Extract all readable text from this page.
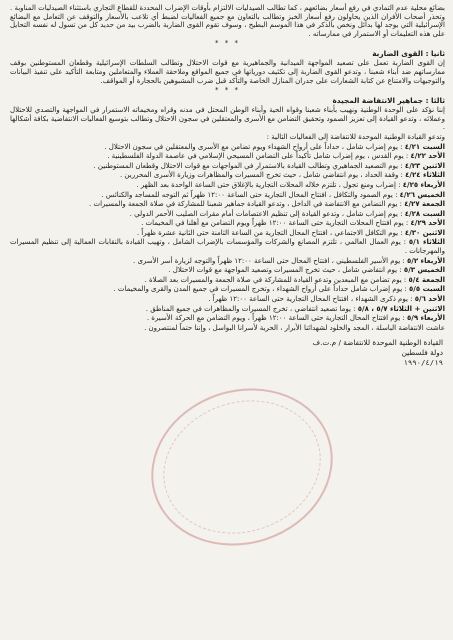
بضائع محلية عدم التمادي في رفع أسعار بضائعهم ، كما تطالب الصيدليات الالتزام بأوقات الإضراب المحددة للقطاع التجاري باستثناء الصيدليات المناوبة . وتحذر أصحاب الأفران الذين يحاولون رفع أسعار الخبز وتطالب بالتعاون مع جميع الفعاليات لضبط أي تلاعب بالأسعار والتوقف عن التعامل مع البضائع الإسرائيلية التي يوجد لها بدائل ونخص بالذكر في هذا الموسم البطيخ ، وسوف تقوم القوى الضاربة بالضرب بيد من حديد كل من تسول له نفسه التحايل على هذه التعليمات أو الاستمرار في ممارساته .

* * *
ثانيا : القوى الضاربة

إن القوى الضاربة تعمل على تصعيد المواجهة الميدانية والجماهيرية مع قوات الاحتلال وتطالب السلطات الإسرائيلية وقطعان المستوطنين بوقف ممارساتهم ضد أبناء شعبنا ، وتدعو القوى الضاربة إلى تكثيف دورياتها في جميع المواقع وملاحقة العملاء والمتعاملين ومتابعة التأكيد على تنفيذ البيانات والتوجيهات والامتناع عن كتابة الشعارات على جدران المنازل الخاصة والتأكد قبل ضرب المشبوهين بالحجارة أو المواقف.

* * *
ثالثا : جماهير الانتفاضة المجيدة

إننا نؤكد على الوحدة الوطنية ونهيب بأبناء شعبنا وقواه الحية وأبناء الوطن المحتل في مدنه وقراه ومخيماته الاستمرار في المواجهة والتصدي للاحتلال وعملائه ، وتدعو القيادة إلى تعزيز الصمود وتحقيق التضامن مع الأسرى والمعتقلين في سجون الاحتلال وتطالب بتوسيع الفعاليات الانتفاضية بكافة أشكالها .

وتدعو القيادة الوطنية الموحدة للانتفاضة إلى الفعاليات التالية :

السبت ٤/٢١ : يوم إضراب شامل ، حداداً على أرواح الشهداء ويوم تضامن مع الأسرى والمعتقلين في سجون الاحتلال .

الأحد ٤/٢٢ : يوم القدس ، يوم إضراب شامل تأكيداً على التضامن المسيحي الإسلامي في عاصمة الدولة الفلسطينية .

الاثنين ٤/٢٣ : يوم التصعيد الجماهيري وتطالب القيادة بالاستمرار في المواجهات مع قوات الاحتلال وقطعان المستوطنين .

الثلاثاء ٤/٢٤ : وقفة الحداد ، يوم انتفاضي شامل ، حيث تخرج المسيرات والمظاهرات وزيارة الأسرى المحررين .

الأربعاء ٤/٢٥ : إضراب ومنع تجول ، تلتزم خلاله المحلات التجارية بالإغلاق حتى الساعة الواحدة بعد الظهر .

الخميس ٤/٢٦ : يوم الصمود والتكافل ، افتتاح المحال التجارية حتى الساعة ١٢:٠٠ ظهراً ثم التوجه للمساجد والكنائس .

الجمعة ٤/٢٧ : يوم التضامن مع الانتفاضة في الداخل ، وتدعو القيادة جماهير شعبنا للمشاركة في صلاة الجمعة والمسيرات .

السبت ٤/٢٨ : يوم إضراب شامل ، وتدعو القيادة إلى تنظيم الاعتصامات أمام مقرات الصليب الأحمر الدولي .

الأحد ٤/٢٩ : يوم افتتاح المحلات التجارية حتى الساعة ١٢:٠٠ ظهراً ويوم التضامن مع أهلنا في المخيمات .

الاثنين ٤/٣٠ : يوم التكافل الاجتماعي ، افتتاح المحال التجارية من الساعة الثامنة حتى الثانية عشرة ظهراً .

الثلاثاء ٥/١ : يوم العمال العالمي ، تلتزم المصانع والشركات والمؤسسات بالإضراب الشامل ، وتهيب القيادة بالنقابات العمالية إلى تنظيم المسيرات والمهرجانات .

الأربعاء ٥/٢ : يوم الأسير الفلسطيني ، افتتاح المحال حتى الساعة ١٢:٠٠ ظهراً والتوجه لزيارة أسر الأسرى .

الخميس ٥/٣ : يوم انتفاضي شامل ، حيث تخرج المسيرات وتصعيد المواجهة مع قوات الاحتلال .

الجمعة ٥/٤ : يوم تضامن مع المبعدين وتدعو القيادة للمشاركة في صلاة الجمعة والمسيرات بعد الصلاة .

السبت ٥/٥ : يوم إضراب شامل حداداً على أرواح الشهداء ، وتخرج المسيرات في جميع المدن والقرى والمخيمات .

الأحد ٥/٦ : يوم ذكرى الشهداء ، افتتاح المحال التجارية حتى الساعة ١٢:٠٠ ظهراً .

الاثنين + الثلاثاء ٥/٧ ، ٥/٨ : يوما تصعيد انتفاضي ، تخرج المسيرات والمظاهرات في جميع المناطق .

الأربعاء ٥/٩ : يوم افتتاح المحال التجارية حتى الساعة ١٢:٠٠ ظهراً ، ويوم التضامن مع الحركة الأسيرة .

عاشت الانتفاضة الباسلة ، المجد والخلود لشهدائنا الأبرار ، الحرية لأسرانا البواسل ، وإننا حتماً لمنتصرون .

القيادة الوطنية الموحدة للانتفاضة / م.ت.ف
دولة فلسطين
١٩٩٠/٤/١٩
